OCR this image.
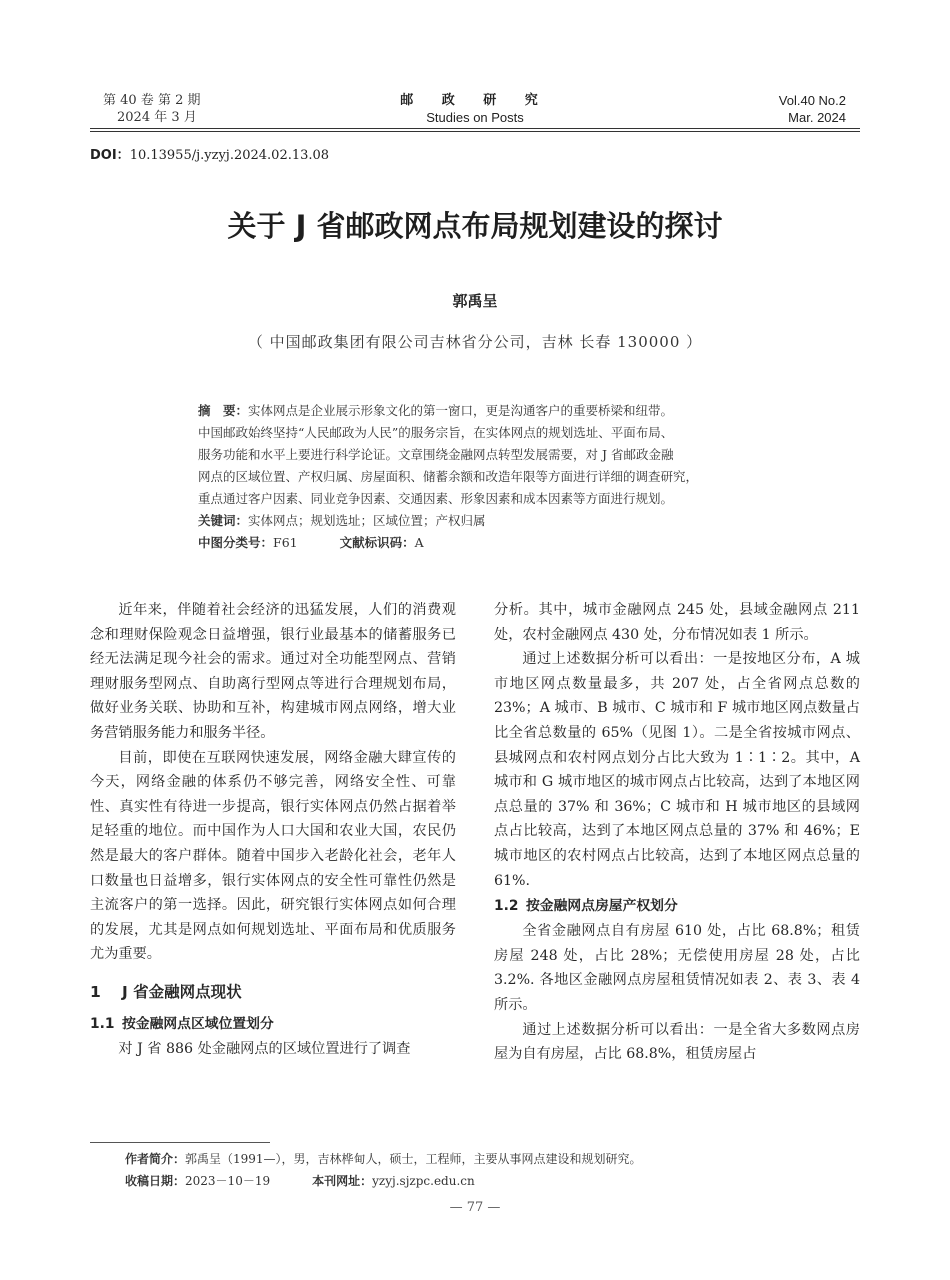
第 40 卷 第 2 期
2024 年 3 月
邮 政 研 究
Studies on Posts
Vol.40 No.2
Mar. 2024
DOI：10.13955/j.yzyj.2024.02.13.08
关于 J 省邮政网点布局规划建设的探讨
郭禹呈
（ 中国邮政集团有限公司吉林省分公司，吉林 长春 130000 ）
摘　要：实体网点是企业展示形象文化的第一窗口，更是沟通客户的重要桥梁和纽带。
中国邮政始终坚持“人民邮政为人民”的服务宗旨，在实体网点的规划选址、平面布局、
服务功能和水平上要进行科学论证。文章围绕金融网点转型发展需要，对 J 省邮政金融
网点的区域位置、产权归属、房屋面积、储蓄余额和改造年限等方面进行详细的调查研究，
重点通过客户因素、同业竞争因素、交通因素、形象因素和成本因素等方面进行规划。
关键词：实体网点；规划选址；区域位置；产权归属
中图分类号：F61	文献标识码：A

近年来，伴随着社会经济的迅猛发展，人们的消费观念和理财保险观念日益增强，银行业最基本的储蓄服务已经无法满足现今社会的需求。通过对全功能型网点、营销理财服务型网点、自助离行型网点等进行合理规划布局，做好业务关联、协助和互补，构建城市网点网络，增大业务营销服务能力和服务半径。

目前，即使在互联网快速发展，网络金融大肆宣传的今天，网络金融的体系仍不够完善，网络安全性、可靠性、真实性有待进一步提高，银行实体网点仍然占据着举足轻重的地位。而中国作为人口大国和农业大国，农民仍然是最大的客户群体。随着中国步入老龄化社会，老年人口数量也日益增多，银行实体网点的安全性可靠性仍然是主流客户的第一选择。因此，研究银行实体网点如何合理的发展，尤其是网点如何规划选址、平面布局和优质服务尤为重要。

1 J 省金融网点现状
1.1 按金融网点区域位置划分

对 J 省 886 处金融网点的区域位置进行了调查

分析。其中，城市金融网点 245 处，县域金融网点 211 处，农村金融网点 430 处，分布情况如表 1 所示。

通过上述数据分析可以看出：一是按地区分布，A 城市地区网点数量最多，共 207 处，占全省网点总数的 23%；A 城市、B 城市、C 城市和 F 城市地区网点数量占比全省总数量的 65%（见图 1）。二是全省按城市网点、县城网点和农村网点划分占比大致为 1∶1∶2。其中，A 城市和 G 城市地区的城市网点占比较高，达到了本地区网点总量的 37% 和 36%；C 城市和 H 城市地区的县域网点占比较高，达到了本地区网点总量的 37% 和 46%；E 城市地区的农村网点占比较高，达到了本地区网点总量的 61%.

1.2 按金融网点房屋产权划分

全省金融网点自有房屋 610 处，占比 68.8%；租赁房屋 248 处，占比 28%；无偿使用房屋 28 处，占比 3.2%. 各地区金融网点房屋租赁情况如表 2、表 3、表 4 所示。

通过上述数据分析可以看出：一是全省大多数网点房屋为自有房屋，占比 68.8%，租赁房屋占

作者简介：郭禹呈（1991—），男，吉林桦甸人，硕士，工程师，主要从事网点建设和规划研究。
收稿日期：2023－10－19	本刊网址：yzyj.sjzpc.edu.cn
— 77 —
